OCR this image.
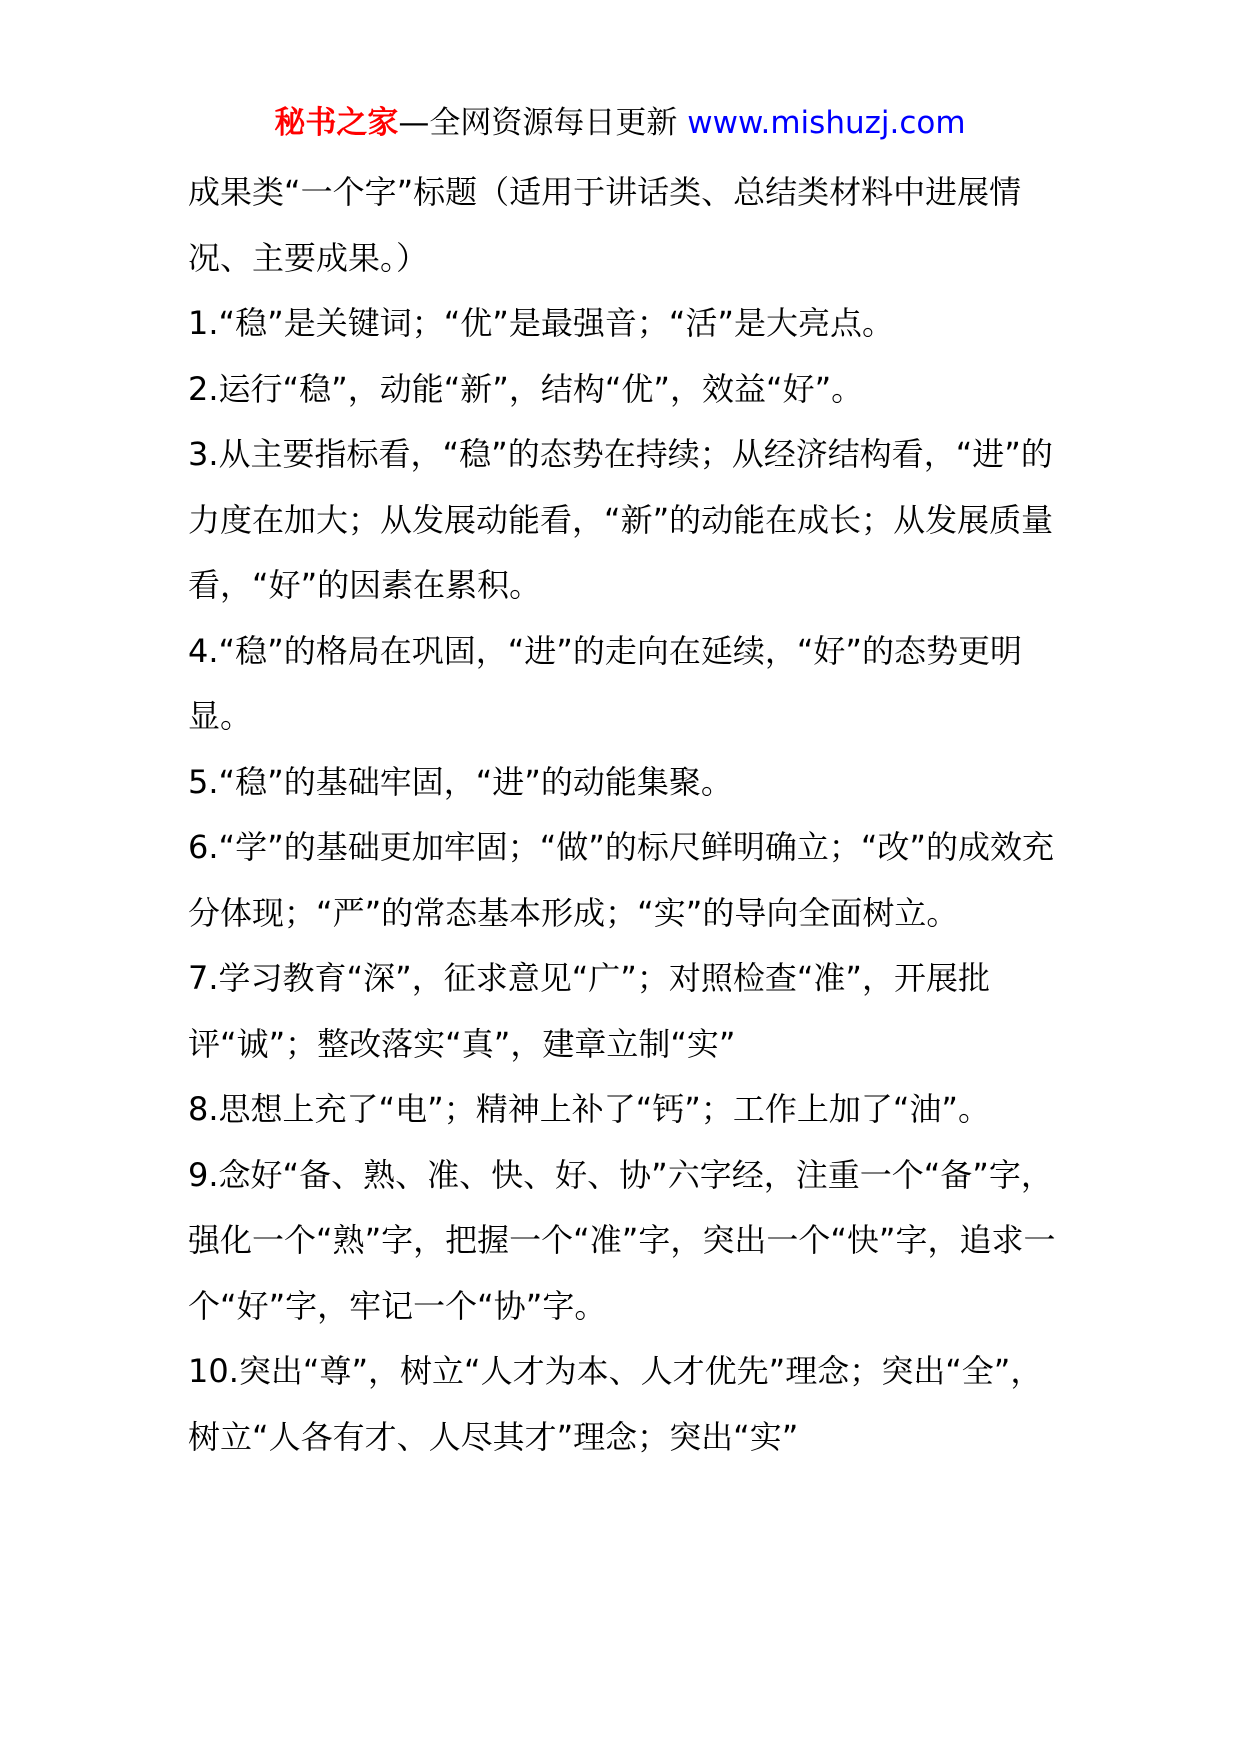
秘书之家—全网资源每日更新 www.mishuzj.com

成果类“一个字”标题（适用于讲话类、总结类材料中进展情况、主要成果。）

1.“稳”是关键词；“优”是最强音；“活”是大亮点。

2.运行“稳”，动能“新”，结构“优”，效益“好”。

3.从主要指标看，“稳”的态势在持续；从经济结构看，“进”的力度在加大；从发展动能看，“新”的动能在成长；从发展质量看，“好”的因素在累积。

4.“稳”的格局在巩固，“进”的走向在延续，“好”的态势更明显。

5.“稳”的基础牢固，“进”的动能集聚。

6.“学”的基础更加牢固；“做”的标尺鲜明确立；“改”的成效充分体现；“严”的常态基本形成；“实”的导向全面树立。

7.学习教育“深”，征求意见“广”；对照检查“准”，开展批评“诚”；整改落实“真”，建章立制“实”

8.思想上充了“电”；精神上补了“钙”；工作上加了“油”。

9.念好“备、熟、准、快、好、协”六字经，注重一个“备”字，强化一个“熟”字，把握一个“准”字，突出一个“快”字，追求一个“好”字，牢记一个“协”字。

10.突出“尊”，树立“人才为本、人才优先”理念；突出“全”，树立“人各有才、人尽其才”理念；突出“实”
